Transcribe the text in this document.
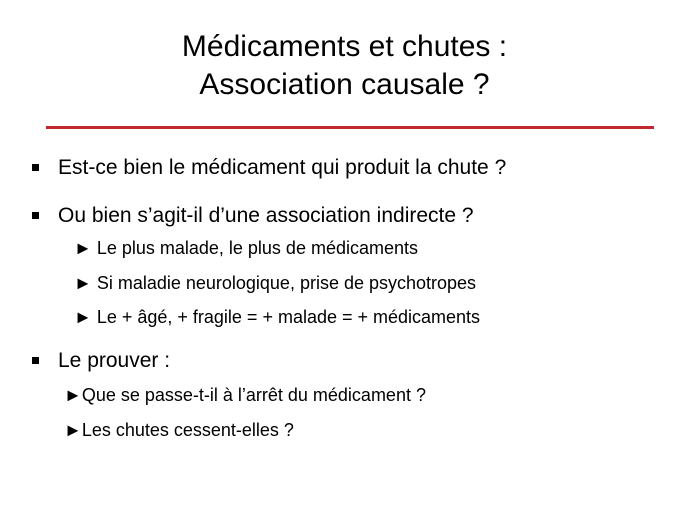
Médicaments et chutes :
Association causale ?
Est-ce bien le médicament qui produit la chute ?
Ou bien s’agit-il d’une association indirecte ?
► Le plus malade, le plus de médicaments
► Si maladie neurologique, prise de psychotropes
► Le + âgé, + fragile = + malade = + médicaments
Le prouver :
►Que se passe-t-il à l’arrêt du médicament ?
►Les chutes cessent-elles ?
